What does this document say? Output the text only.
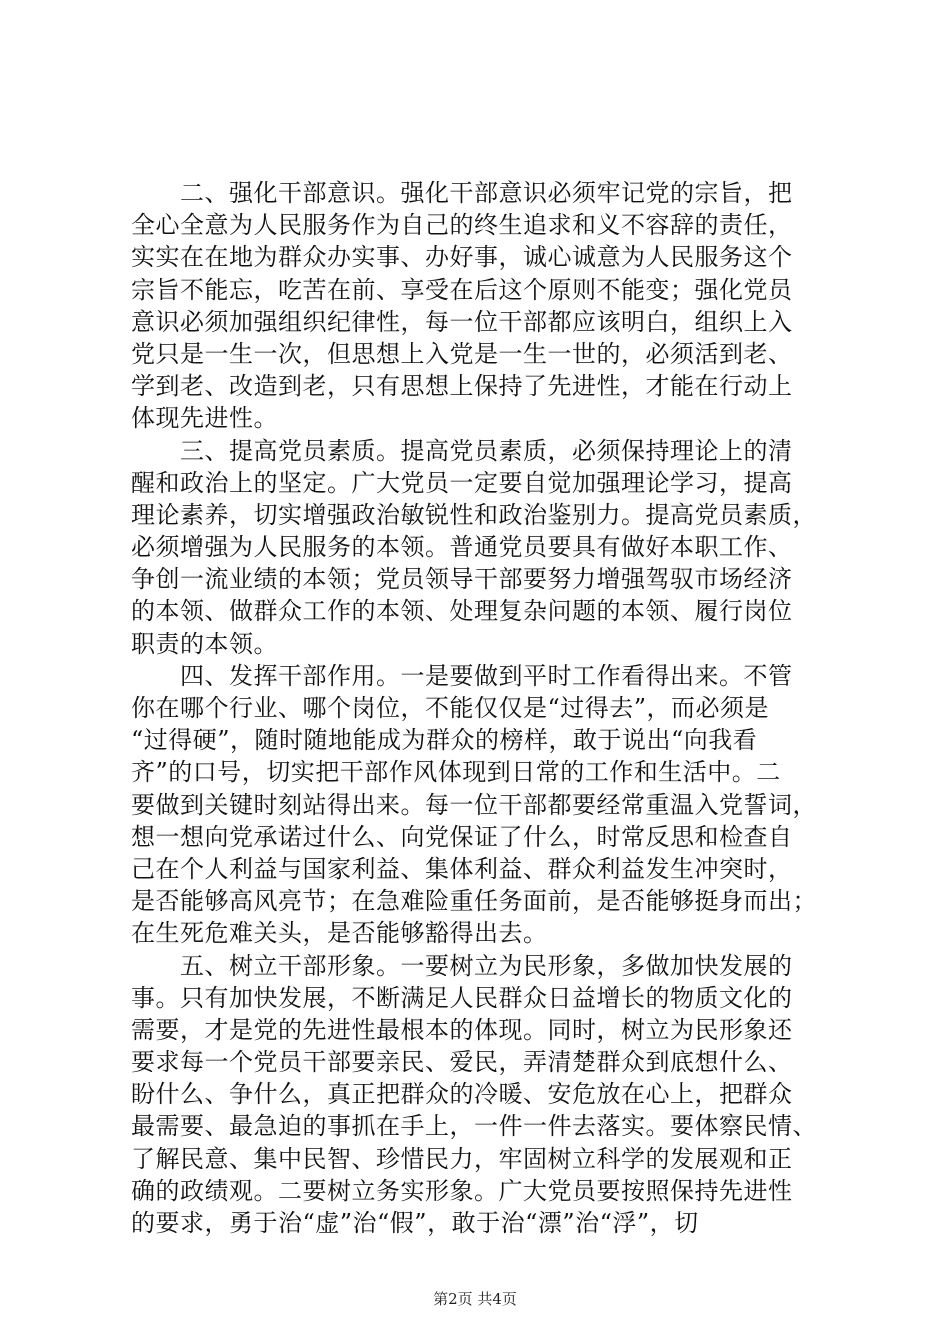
二、强化干部意识。强化干部意识必须牢记党的宗旨，把
全心全意为人民服务作为自己的终生追求和义不容辞的责任，
实实在在地为群众办实事、办好事，诚心诚意为人民服务这个
宗旨不能忘，吃苦在前、享受在后这个原则不能变；强化党员
意识必须加强组织纪律性，每一位干部都应该明白，组织上入
党只是一生一次，但思想上入党是一生一世的，必须活到老、
学到老、改造到老，只有思想上保持了先进性，才能在行动上
体现先进性。
三、提高党员素质。提高党员素质，必须保持理论上的清
醒和政治上的坚定。广大党员一定要自觉加强理论学习，提高
理论素养，切实增强政治敏锐性和政治鉴别力。提高党员素质，
必须增强为人民服务的本领。普通党员要具有做好本职工作、
争创一流业绩的本领；党员领导干部要努力增强驾驭市场经济
的本领、做群众工作的本领、处理复杂问题的本领、履行岗位
职责的本领。
四、发挥干部作用。一是要做到平时工作看得出来。不管
你在哪个行业、哪个岗位，不能仅仅是“过得去”，而必须是
“过得硬”，随时随地能成为群众的榜样，敢于说出“向我看
齐”的口号，切实把干部作风体现到日常的工作和生活中。二
要做到关键时刻站得出来。每一位干部都要经常重温入党誓词，
想一想向党承诺过什么、向党保证了什么，时常反思和检查自
己在个人利益与国家利益、集体利益、群众利益发生冲突时，
是否能够高风亮节；在急难险重任务面前，是否能够挺身而出；
在生死危难关头，是否能够豁得出去。
五、树立干部形象。一要树立为民形象，多做加快发展的
事。只有加快发展，不断满足人民群众日益增长的物质文化的
需要，才是党的先进性最根本的体现。同时，树立为民形象还
要求每一个党员干部要亲民、爱民，弄清楚群众到底想什么、
盼什么、争什么，真正把群众的冷暖、安危放在心上，把群众
最需要、最急迫的事抓在手上，一件一件去落实。要体察民情、
了解民意、集中民智、珍惜民力，牢固树立科学的发展观和正
确的政绩观。二要树立务实形象。广大党员要按照保持先进性
的要求，勇于治“虚”治“假”，敢于治“漂”治“浮”，切
第2页 共4页
